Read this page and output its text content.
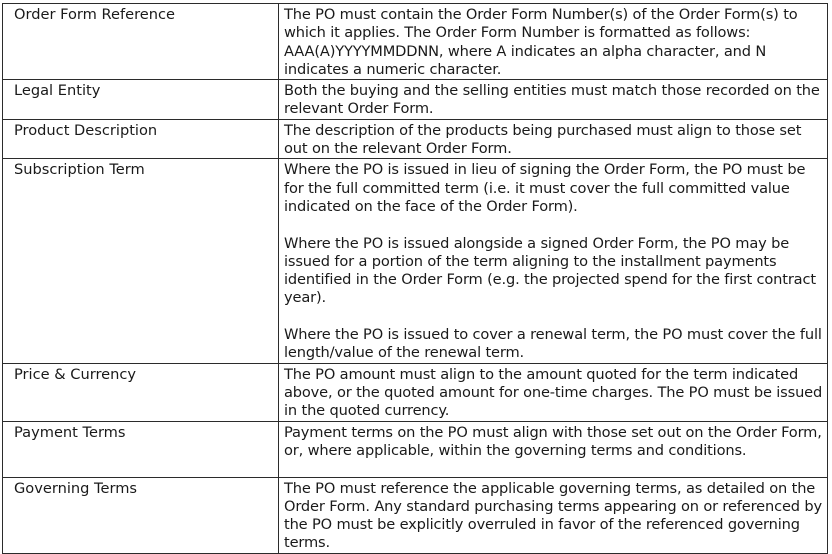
Order Form Reference	The PO must contain the Order Form Number(s) of the Order Form(s) to which it applies. The Order Form Number is formatted as follows: AAA(A)YYYYMMDDNN, where A indicates an alpha character, and N indicates a numeric character.

Legal Entity	Both the buying and the selling entities must match those recorded on the relevant Order Form.

Product Description	The description of the products being purchased must align to those set out on the relevant Order Form.

Subscription Term	Where the PO is issued in lieu of signing the Order Form, the PO must be for the full committed term (i.e. it must cover the full committed value indicated on the face of the Order Form).
Where the PO is issued alongside a signed Order Form, the PO may be issued for a portion of the term aligning to the installment payments identified in the Order Form (e.g. the projected spend for the first contract year).
Where the PO is issued to cover a renewal term, the PO must cover the full length/value of the renewal term.

Price & Currency	The PO amount must align to the amount quoted for the term indicated above, or the quoted amount for one-time charges. The PO must be issued in the quoted currency.

Payment Terms	Payment terms on the PO must align with those set out on the Order Form, or, where applicable, within the governing terms and conditions.

Governing Terms	The PO must reference the applicable governing terms, as detailed on the Order Form. Any standard purchasing terms appearing on or referenced by the PO must be explicitly overruled in favor of the referenced governing terms.
